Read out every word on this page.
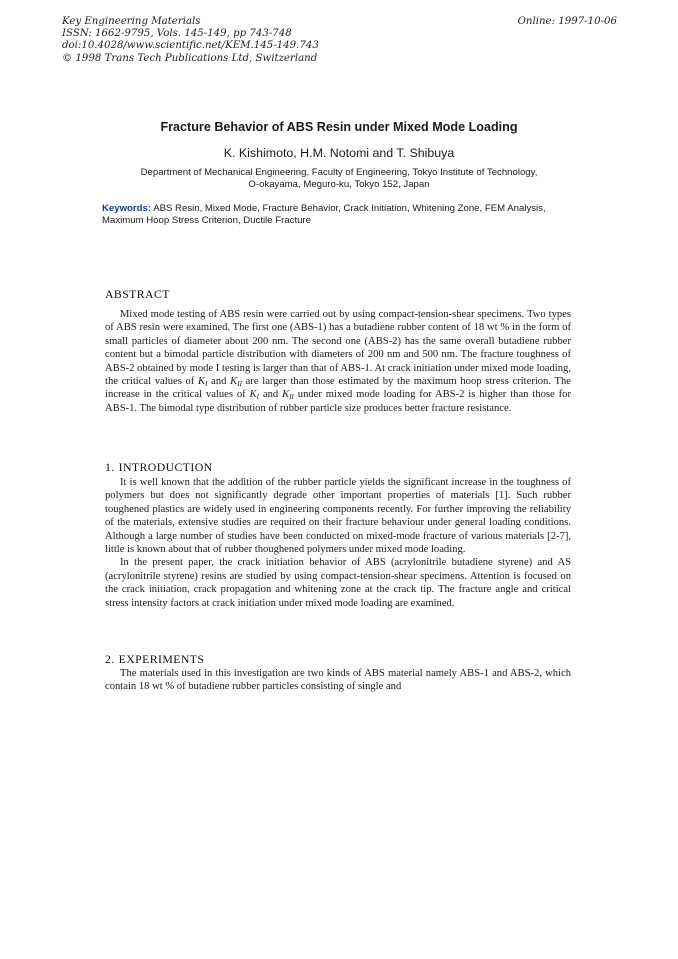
Key Engineering Materials
ISSN: 1662-9795, Vols. 145-149, pp 743-748
doi:10.4028/www.scientific.net/KEM.145-149.743
© 1998 Trans Tech Publications Ltd, Switzerland
Online: 1997-10-06
Fracture Behavior of ABS Resin under Mixed Mode Loading
K. Kishimoto, H.M. Notomi and T. Shibuya
Department of Mechanical Engineering, Faculty of Engineering, Tokyo Institute of Technology,
O-okayama, Meguro-ku, Tokyo 152, Japan
Keywords: ABS Resin, Mixed Mode, Fracture Behavior, Crack Initiation, Whitening Zone, FEM Analysis, Maximum Hoop Stress Criterion, Ductile Fracture
ABSTRACT

Mixed mode testing of ABS resin were carried out by using compact-tension-shear specimens. Two types of ABS resin were examined. The first one (ABS-1) has a butadiene rubber content of 18 wt % in the form of small particles of diameter about 200 nm. The second one (ABS-2) has the same overall butadiene rubber content but a bimodal particle distribution with diameters of 200 nm and 500 nm. The fracture toughness of ABS-2 obtained by mode I testing is larger than that of ABS-1. At crack initiation under mixed mode loading, the critical values of $K_I$ and $K_{II}$ are larger than those estimated by the maximum hoop stress criterion. The increase in the critical values of $K_I$ and $K_{II}$ under mixed mode loading for ABS-2 is higher than those for ABS-1. The bimodal type distribution of rubber particle size produces better fracture resistance.

1. INTRODUCTION

It is well known that the addition of the rubber particle yields the significant increase in the toughness of polymers but does not significantly degrade other important properties of materials [1]. Such rubber toughened plastics are widely used in engineering components recently. For further improving the reliability of the materials, extensive studies are required on their fracture behaviour under general loading conditions. Although a large number of studies have been conducted on mixed-mode fracture of various materials [2-7], little is known about that of rubber thoughened polymers under mixed mode loading.

In the present paper, the crack initiation behavior of ABS (acrylonitrile butadiene styrene) and AS (acrylonitrile styrene) resins are studied by using compact-tension-shear specimens. Attention is focused on the crack initiation, crack propagation and whitening zone at the crack tip. The fracture angle and critical stress intensity factors at crack initiation under mixed mode loading are examined.

2. EXPERIMENTS

The materials used in this investigation are two kinds of ABS material namely ABS-1 and ABS-2, which contain 18 wt % of butadiene rubber particles consisting of single and
